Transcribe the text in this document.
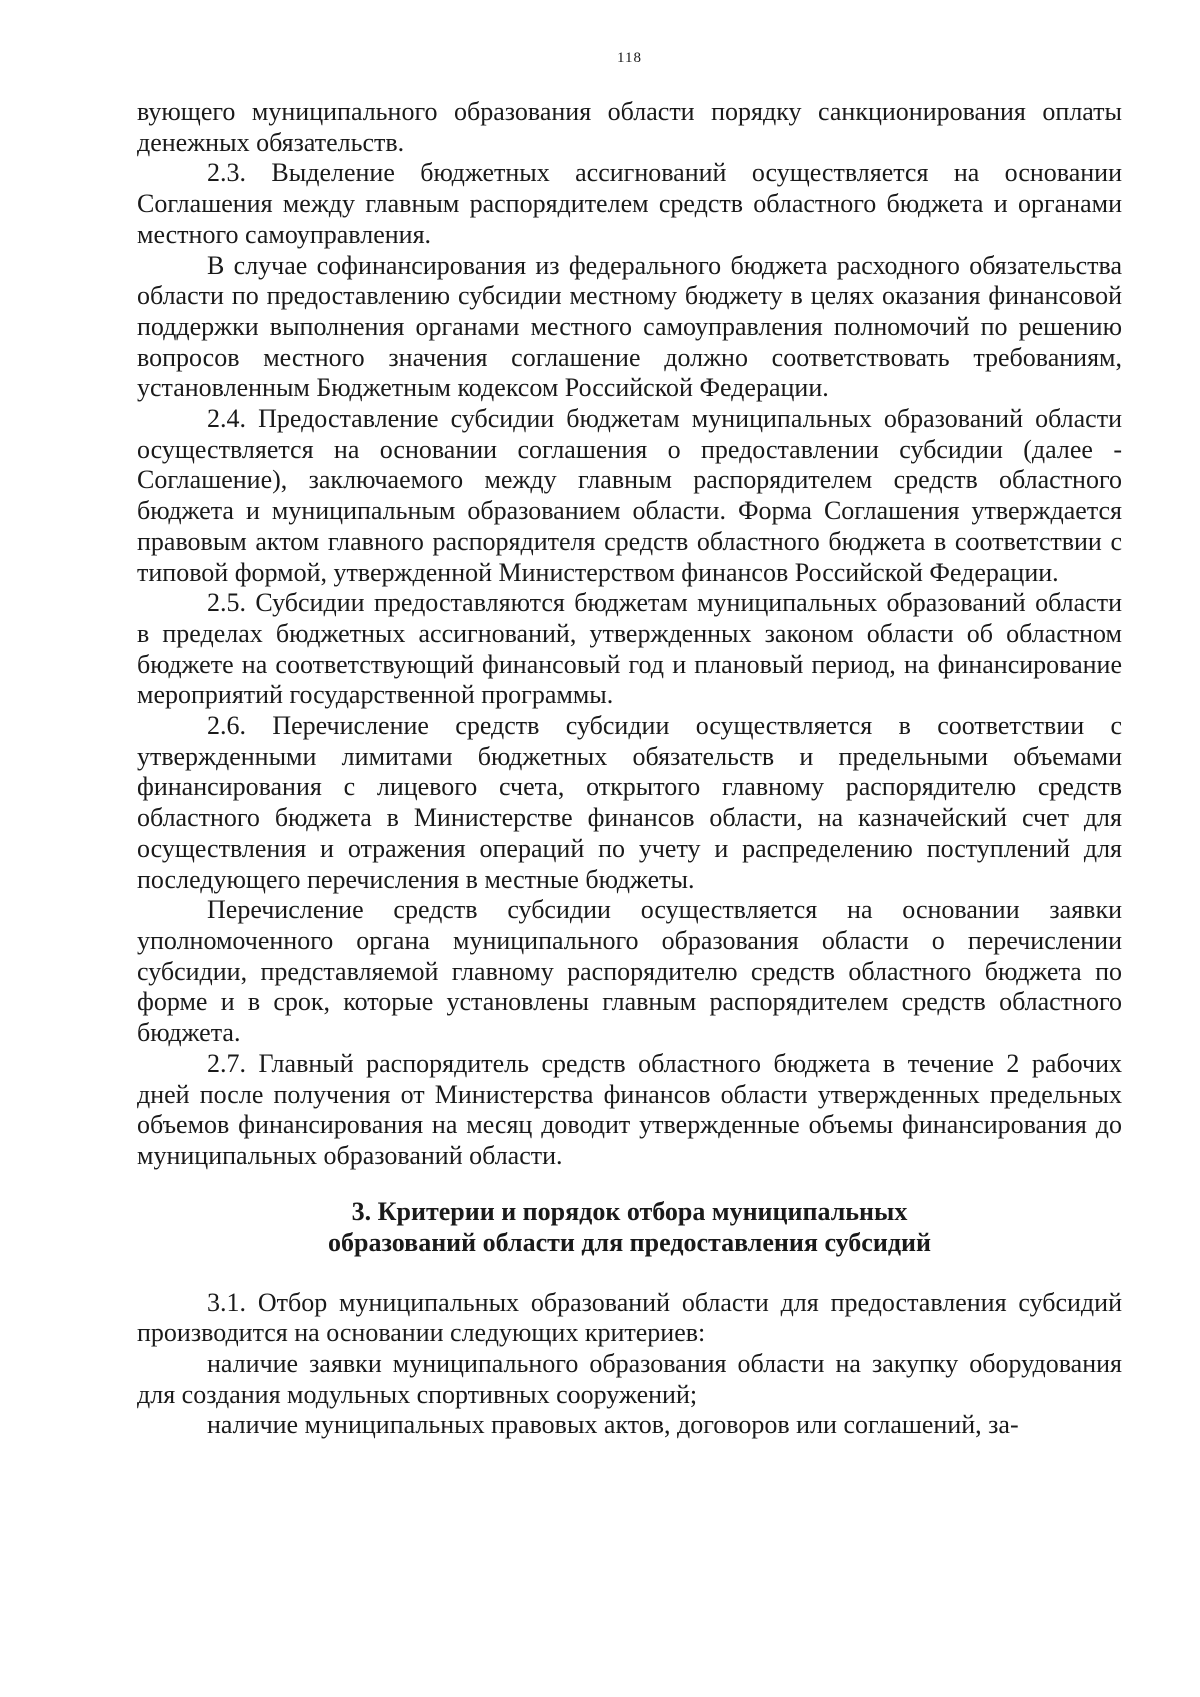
118

вующего муниципального образования области порядку санкционирования оплаты денежных обязательств.

2.3. Выделение бюджетных ассигнований осуществляется на основании Соглашения между главным распорядителем средств областного бюджета и органами местного самоуправления.

В случае софинансирования из федерального бюджета расходного обязательства области по предоставлению субсидии местному бюджету в целях оказания финансовой поддержки выполнения органами местного самоуправления полномочий по решению вопросов местного значения соглашение должно соответствовать требованиям, установленным Бюджетным кодексом Российской Федерации.

2.4. Предоставление субсидии бюджетам муниципальных образований области осуществляется на основании соглашения о предоставлении субсидии (далее - Соглашение), заключаемого между главным распорядителем средств областного бюджета и муниципальным образованием области. Форма Соглашения утверждается правовым актом главного распорядителя средств областного бюджета в соответствии с типовой формой, утвержденной Министерством финансов Российской Федерации.

2.5. Субсидии предоставляются бюджетам муниципальных образований области в пределах бюджетных ассигнований, утвержденных законом области об областном бюджете на соответствующий финансовый год и плановый период, на финансирование мероприятий государственной программы.

2.6. Перечисление средств субсидии осуществляется в соответствии с утвержденными лимитами бюджетных обязательств и предельными объемами финансирования с лицевого счета, открытого главному распорядителю средств областного бюджета в Министерстве финансов области, на казначейский счет для осуществления и отражения операций по учету и распределению поступлений для последующего перечисления в местные бюджеты.

Перечисление средств субсидии осуществляется на основании заявки уполномоченного органа муниципального образования области о перечислении субсидии, представляемой главному распорядителю средств областного бюджета по форме и в срок, которые установлены главным распорядителем средств областного бюджета.

2.7. Главный распорядитель средств областного бюджета в течение 2 рабочих дней после получения от Министерства финансов области утвержденных предельных объемов финансирования на месяц доводит утвержденные объемы финансирования до муниципальных образований области.

3. Критерии и порядок отбора муниципальных
образований области для предоставления субсидий

3.1. Отбор муниципальных образований области для предоставления субсидий производится на основании следующих критериев:

наличие заявки муниципального образования области на закупку оборудования для создания модульных спортивных сооружений;

наличие муниципальных правовых актов, договоров или соглашений, за-
